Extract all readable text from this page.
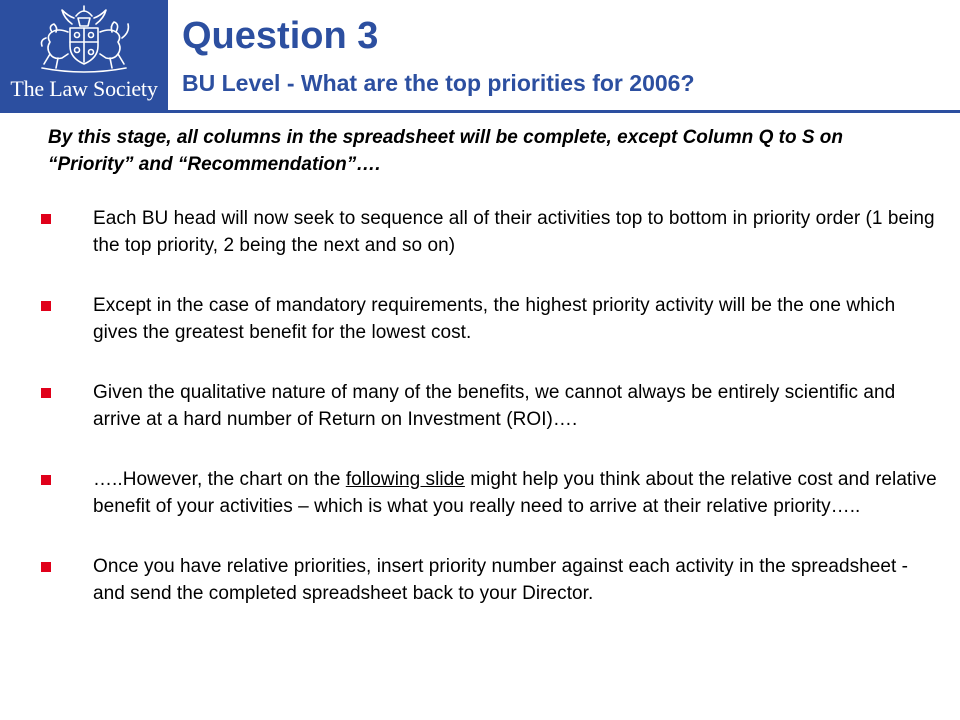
The Law Society
Question 3
BU Level - What are the top priorities for 2006?

By this stage, all columns in the spreadsheet will be complete, except Column Q to S on “Priority” and “Recommendation”….

Each BU head will now seek to sequence all of their activities top to bottom in priority order (1 being the top priority, 2 being the next and so on)
Except in the case of mandatory requirements, the highest priority activity will be the one which gives the greatest benefit for the lowest cost.
Given the qualitative nature of many of the benefits, we cannot always be entirely scientific and arrive at a hard number of Return on Investment (ROI)….
…..However, the chart on the following slide might help you think about the relative cost and relative benefit of your activities – which is what you really need to arrive at their relative priority…..
Once you have relative priorities, insert priority number against each activity in the spreadsheet - and send the completed spreadsheet back to your Director.
